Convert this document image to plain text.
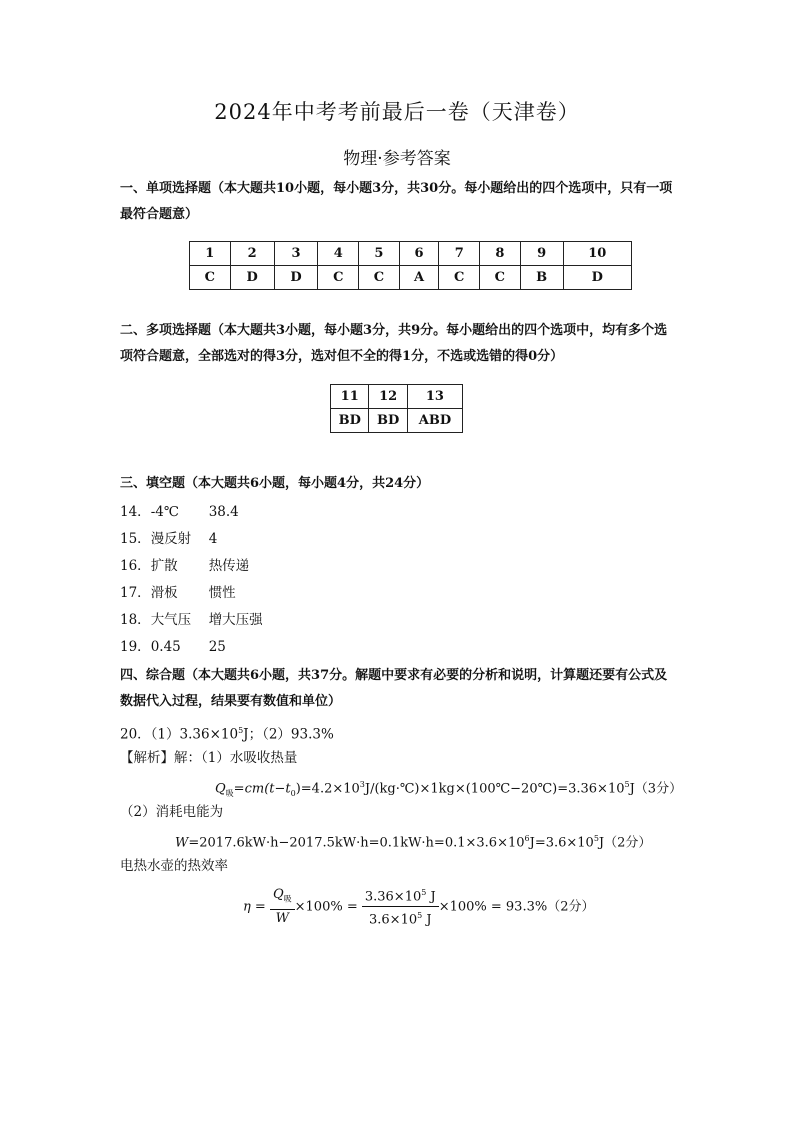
2024年中考考前最后一卷（天津卷）
物理·参考答案
一、单项选择题（本大题共10小题，每小题3分，共30分。每小题给出的四个选项中，只有一项最符合题意）
1	2	3	4	5	6	7	8	9	10
C	D	D	C	C	A	C	C	B	D
二、多项选择题（本大题共3小题，每小题3分，共9分。每小题给出的四个选项中，均有多个选项符合题意，全部选对的得3分，选对但不全的得1分，不选或选错的得0分）
11	12	13
BD	BD	ABD
三、填空题（本大题共6小题，每小题4分，共24分）
14．-4℃ 38.4
15．漫反射 4
16．扩散 热传递
17．滑板 惯性
18．大气压 增大压强
19．0.45 25
四、综合题（本大题共6小题，共37分。解题中要求有必要的分析和说明，计算题还要有公式及数据代入过程，结果要有数值和单位）
20．$(1)3.36\times 10^5J$；（2）93.3%
【解析】解：（1）水吸收热量
$Q_吸=cm(t-t_0)=4.2\times 10^3J/(kg\cdot℃)\times 1kg\times(100℃-20℃)=3.36\times 10^5J(3$分）
（2）消耗电能为
$W=2017.6kW\cdot h-2017.5kW\cdot h=0.1kW\cdot h=0.1\times 3.6\times 10^6J=3.6\times 10^5J(2$分）
电热水壶的热效率
$\eta = \frac{Q_吸}{W} \times 100\% = \frac{3.36\times 10^5 J}{3.6\times 10^5 J} \times 100\% = 93.3\%(2$分）
